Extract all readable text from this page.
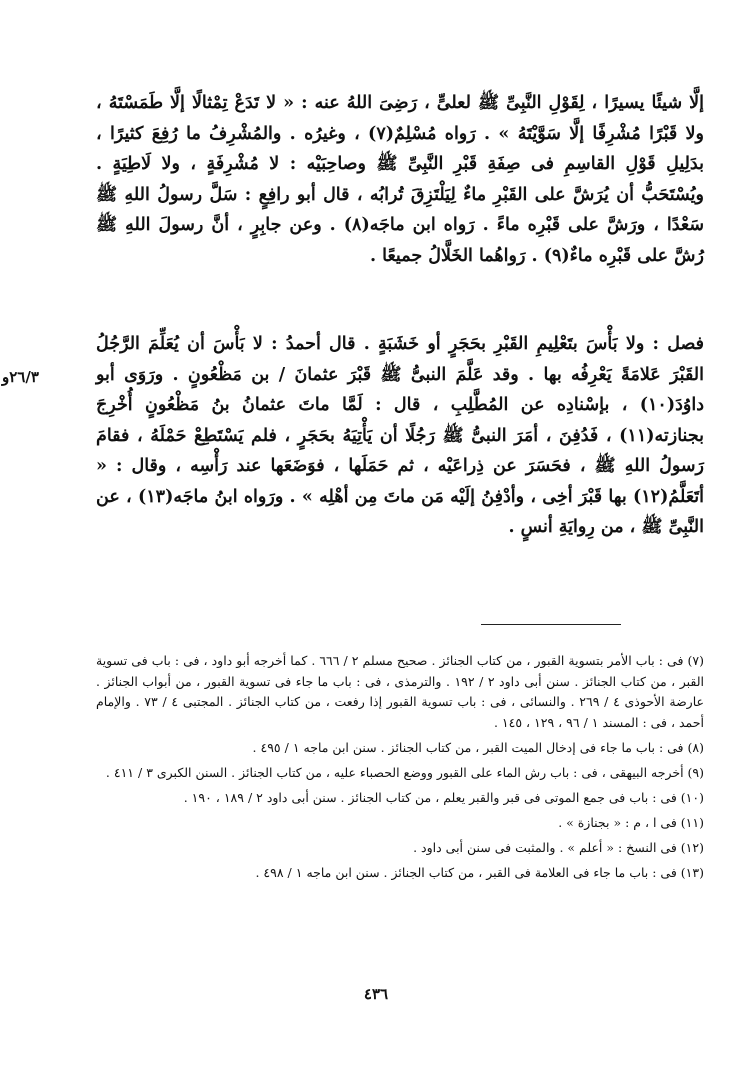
إلَّا شيئًا يسيرًا ، لِقَوْلِ النَّبِىِّ ﷺ لعلىٍّ ، رَضِىَ اللهُ عنه : « لا تَدَعْ تِمْثالًا إلَّا طَمَسْتَهُ ، ولا قَبْرًا مُشْرِفًا إلَّا سَوَّيْتَهُ » . رَواه مُسْلِمٌ(٧) ، وغيرُه . والمُشْرِفُ ما رُفِعَ كثيرًا ، بدَلِيلِ قَوْلِ القاسِمِ فى صِفَةِ قَبْرِ النَّبِىِّ ﷺ وصاحِبَيْه : لا مُشْرِفَةٍ ، ولا لَاطِيَةٍ . ويُسْتَحَبُّ أن يُرَشَّ على القَبْرِ ماءٌ لِيَلْتَزِقَ تُرابُه ، قال أبو رافِعٍ : سَلَّ رسولُ اللهِ ﷺ سَعْدًا ، ورَشَّ على قَبْرِه ماءً . رَواه ابن ماجَه(٨) . وعن جابِرٍ ، أنَّ رسولَ اللهِ ﷺ رُشَّ على قَبْرِه ماءٌ(٩) . رَواهُما الخَلَّالُ جميعًا .

فصل : ولا بَأْسَ بتَعْلِيمِ القَبْرِ بحَجَرٍ أو خَشَبَةٍ . قال أحمدُ : لا بَأْسَ أن يُعَلِّمَ الرَّجُلُ القَبْرَ عَلامَةً يَعْرِفُه بها . وقد عَلَّمَ النبىُّ ﷺ قَبْرَ عثمانَ / بن مَظْعُونٍ . ورَوَى أبو داوُدَ(١٠) ، بإسْنادِه عن المُطَّلِبِ ، قال : لَمَّا ماتَ عثمانُ بنُ مَظْعُونٍ أُخْرِجَ بجنازته(١١) ، فَدُفِنَ ، أمَرَ النبىُّ ﷺ رَجُلًا أن يَأْتِيَهُ بحَجَرٍ ، فلم يَسْتَطِعْ حَمْلَهُ ، فقامَ رَسولُ اللهِ ﷺ ، فحَسَرَ عن ذِراعَيْه ، ثم حَمَلَها ، فوَضَعَها عند رَأْسِه ، وقال : « أتَعَلَّمُ(١٢) بها قَبْرَ أخِى ، وأدْفِنُ إلَيْه مَن ماتَ مِن أهْلِه » . ورَواه ابنُ ماجَه(١٣) ، عن النَّبِىِّ ﷺ ، من رِوايَةِ أنسٍ .

٢٦/٣و
(٧) فى : باب الأمر بتسوية القبور ، من كتاب الجنائز . صحيح مسلم ٢ / ٦٦٦ . كما أخرجه أبو داود ، فى : باب فى تسوية القبر ، من كتاب الجنائز . سنن أبى داود ٢ / ١٩٢ . والترمذى ، فى : باب ما جاء فى تسوية القبور ، من أبواب الجنائز . عارضة الأحوذى ٤ / ٢٦٩ . والنسائى ، فى : باب تسوية القبور إذا رفعت ، من كتاب الجنائز . المجتبى ٤ / ٧٣ . والإمام أحمد ، فى : المسند ١ / ٩٦ ، ١٢٩ ، ١٤٥ .
(٨) فى : باب ما جاء فى إدخال الميت القبر ، من كتاب الجنائز . سنن ابن ماجه ١ / ٤٩٥ .
(٩) أخرجه البيهقى ، فى : باب رش الماء على القبور ووضع الحصباء عليه ، من كتاب الجنائز . السنن الكبرى ٣ / ٤١١ .
(١٠) فى : باب فى جمع الموتى فى قبر والقبر يعلم ، من كتاب الجنائز . سنن أبى داود ٢ / ١٨٩ ، ١٩٠ .
(١١) فى ا ، م : « بجنازة » .
(١٢) فى النسخ : « أعلم » . والمثبت فى سنن أبى داود .
(١٣) فى : باب ما جاء فى العلامة فى القبر ، من كتاب الجنائز . سنن ابن ماجه ١ / ٤٩٨ .
٤٣٦
